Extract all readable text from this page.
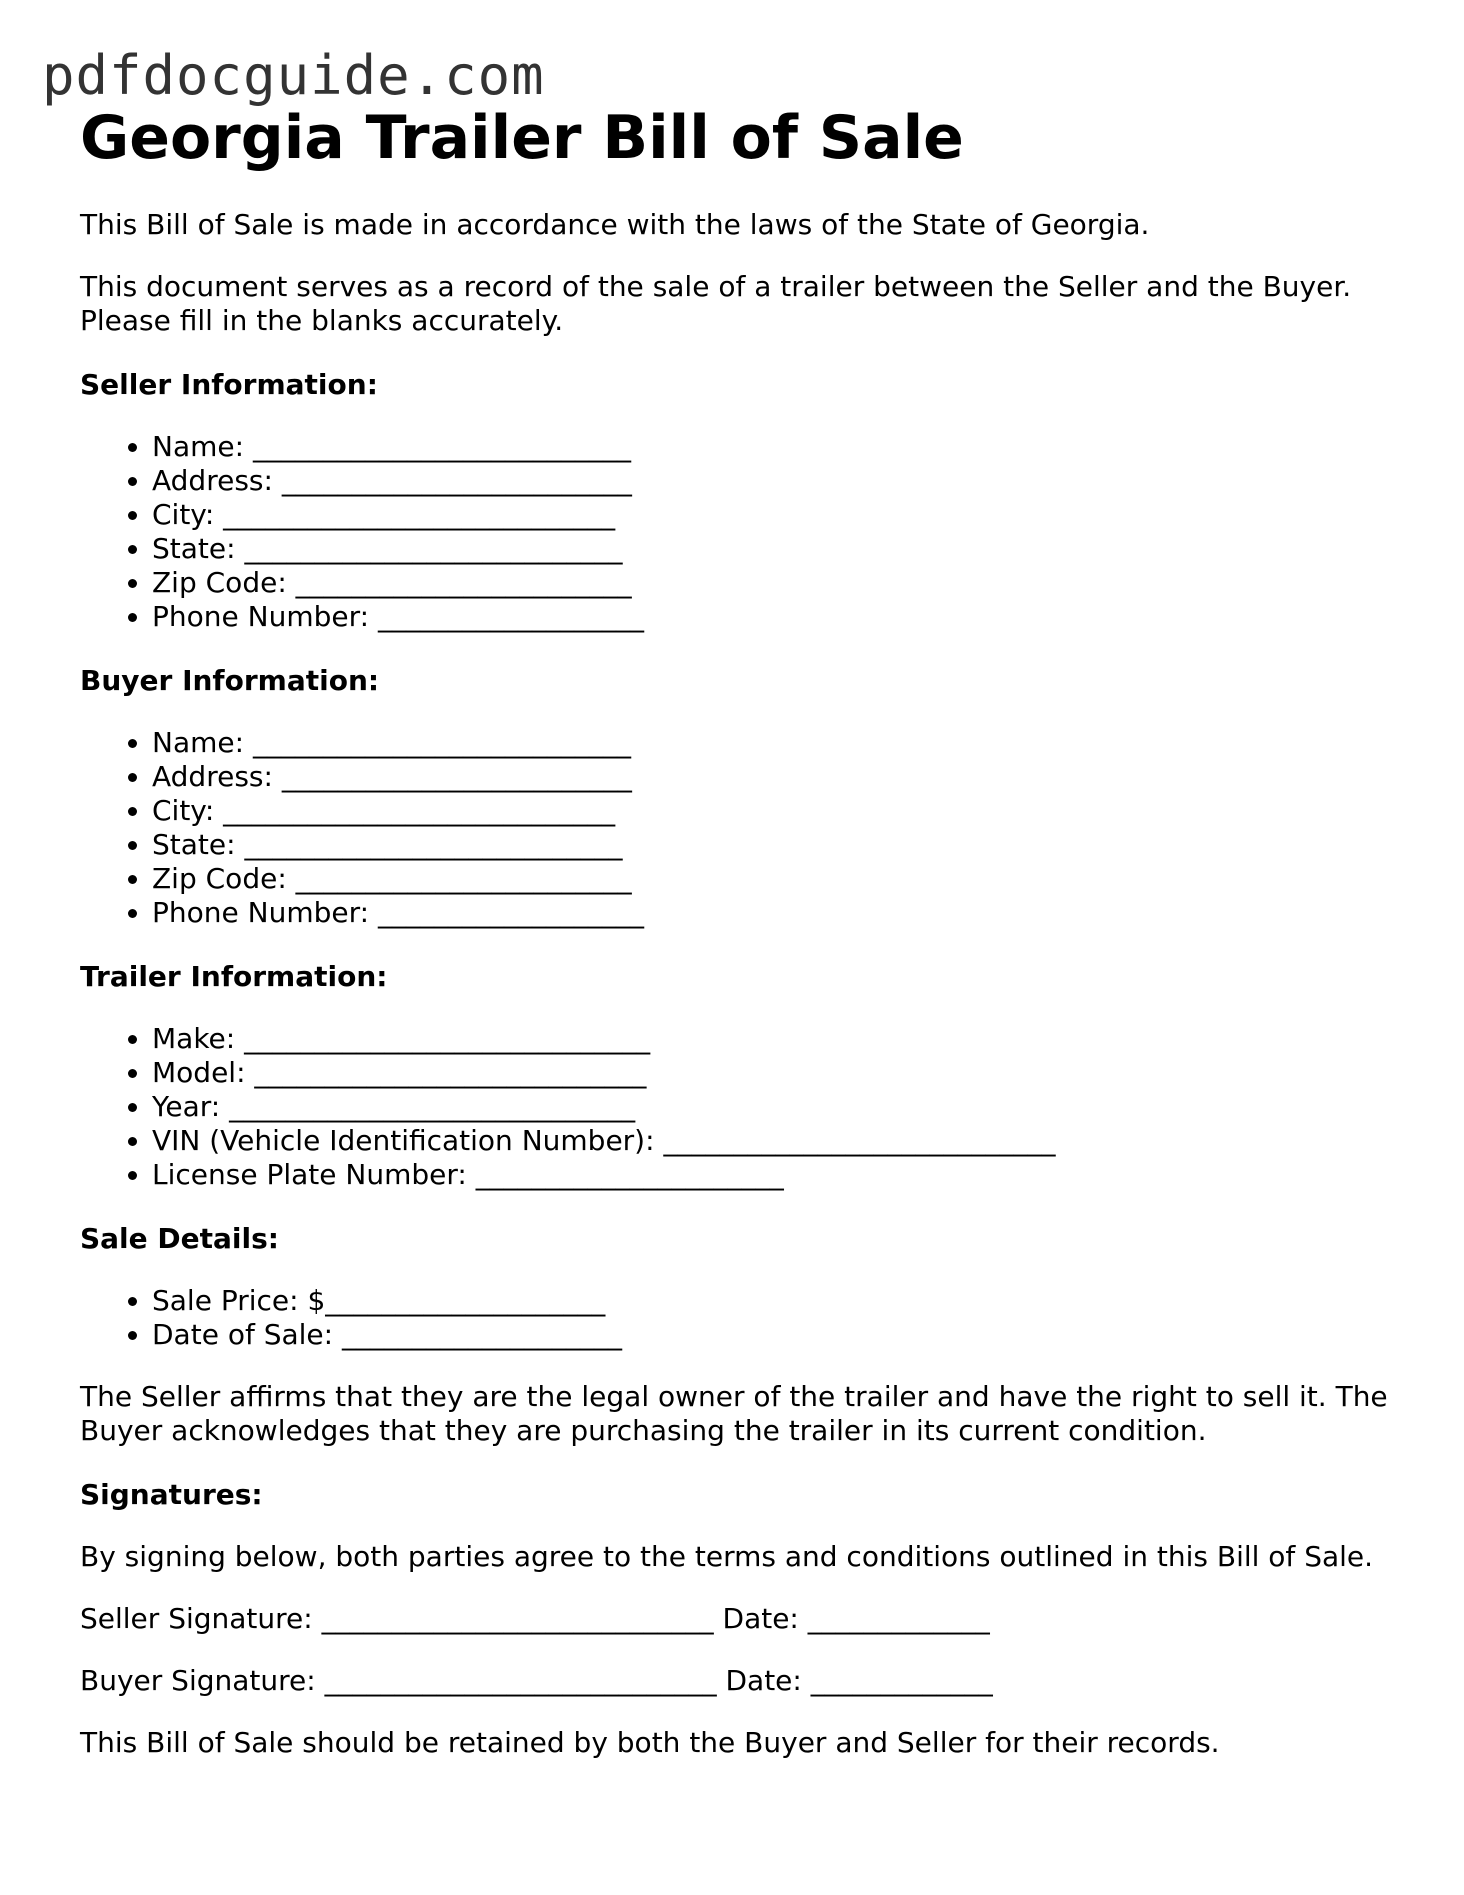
pdfdocguide.com
Georgia Trailer Bill of Sale

This Bill of Sale is made in accordance with the laws of the State of Georgia.

This document serves as a record of the sale of a trailer between the Seller and the Buyer. Please fill in the blanks accurately.

Seller Information:
• Name: ___________________________
• Address: _________________________
• City: ____________________________
• State: ___________________________
• Zip Code: ________________________
• Phone Number: ___________________
Buyer Information:
• Name: ___________________________
• Address: _________________________
• City: ____________________________
• State: ___________________________
• Zip Code: ________________________
• Phone Number: ___________________
Trailer Information:
• Make: _____________________________
• Model: ____________________________
• Year: _____________________________
• VIN (Vehicle Identification Number): ____________________________
• License Plate Number: ______________________
Sale Details:
• Sale Price: $____________________
• Date of Sale: ____________________

The Seller affirms that they are the legal owner of the trailer and have the right to sell it. The Buyer acknowledges that they are purchasing the trailer in its current condition.

Signatures:

By signing below, both parties agree to the terms and conditions outlined in this Bill of Sale.

Seller Signature: ____________________________ Date: _____________
Buyer Signature: ____________________________ Date: _____________

This Bill of Sale should be retained by both the Buyer and Seller for their records.
